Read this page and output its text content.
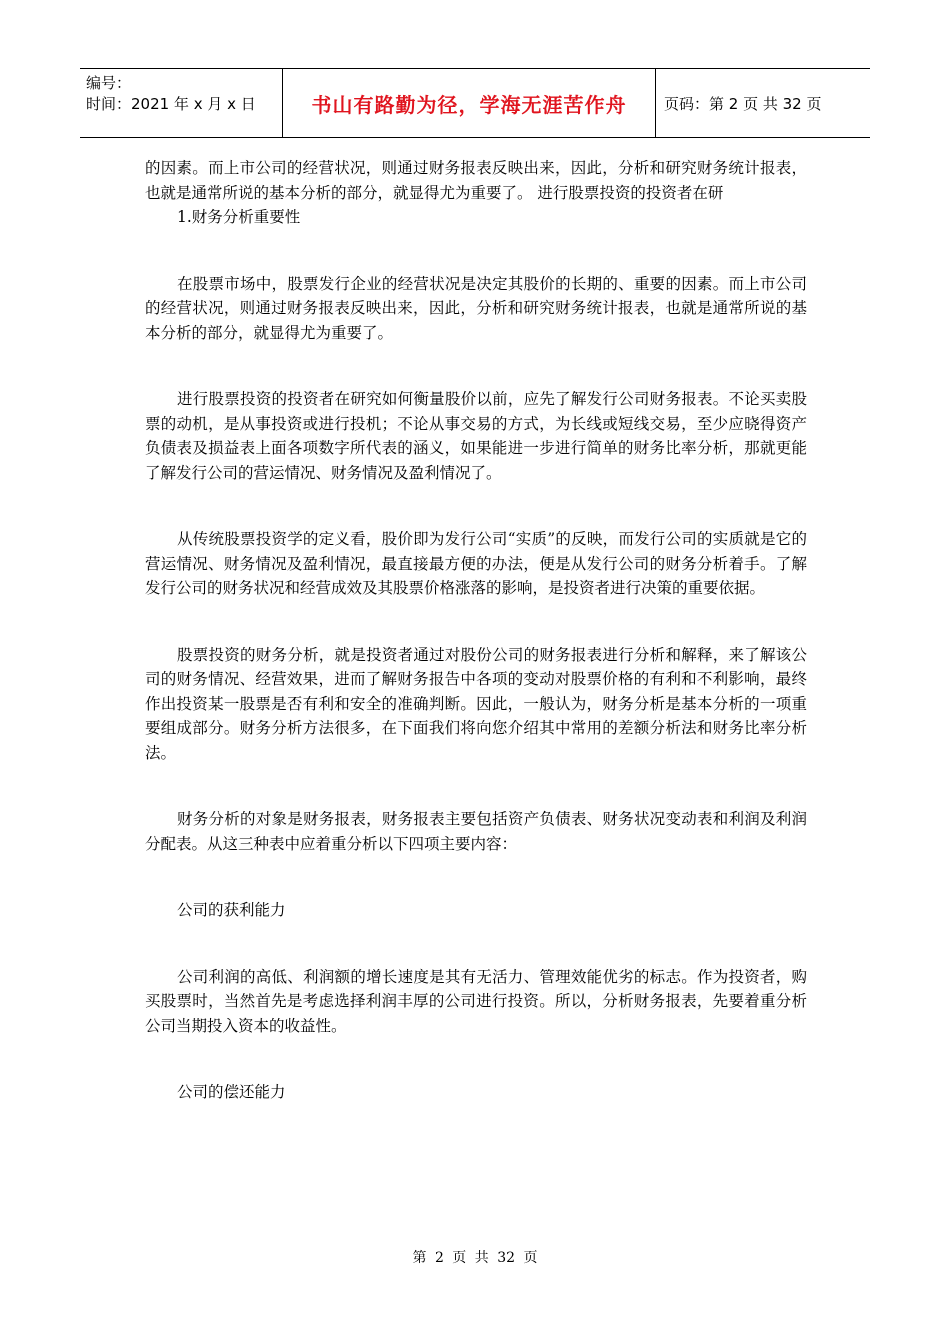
编号：
时间：2021 年 x 月 x 日	书山有路勤为径，学海无涯苦作舟	页码：第 2 页 共 32 页

的因素。而上市公司的经营状况，则通过财务报表反映出来，因此，分析和研究财务统计报表，也就是通常所说的基本分析的部分，就显得尤为重要了。 进行股票投资的投资者在研

1.财务分析重要性

在股票市场中，股票发行企业的经营状况是决定其股价的长期的、重要的因素。而上市公司的经营状况，则通过财务报表反映出来，因此，分析和研究财务统计报表，也就是通常所说的基本分析的部分，就显得尤为重要了。

进行股票投资的投资者在研究如何衡量股价以前，应先了解发行公司财务报表。不论买卖股票的动机，是从事投资或进行投机；不论从事交易的方式，为长线或短线交易，至少应晓得资产负债表及损益表上面各项数字所代表的涵义，如果能进一步进行简单的财务比率分析，那就更能了解发行公司的营运情况、财务情况及盈利情况了。

从传统股票投资学的定义看，股价即为发行公司“实质”的反映，而发行公司的实质就是它的营运情况、财务情况及盈利情况，最直接最方便的办法，便是从发行公司的财务分析着手。了解发行公司的财务状况和经营成效及其股票价格涨落的影响，是投资者进行决策的重要依据。

股票投资的财务分析，就是投资者通过对股份公司的财务报表进行分析和解释，来了解该公司的财务情况、经营效果，进而了解财务报告中各项的变动对股票价格的有利和不利影响，最终作出投资某一股票是否有利和安全的准确判断。因此，一般认为，财务分析是基本分析的一项重要组成部分。财务分析方法很多，在下面我们将向您介绍其中常用的差额分析法和财务比率分析法。

财务分析的对象是财务报表，财务报表主要包括资产负债表、财务状况变动表和利润及利润分配表。从这三种表中应着重分析以下四项主要内容：

公司的获利能力

公司利润的高低、利润额的增长速度是其有无活力、管理效能优劣的标志。作为投资者，购买股票时，当然首先是考虑选择利润丰厚的公司进行投资。所以，分析财务报表，先要着重分析公司当期投入资本的收益性。

公司的偿还能力

第 2 页 共 32 页
